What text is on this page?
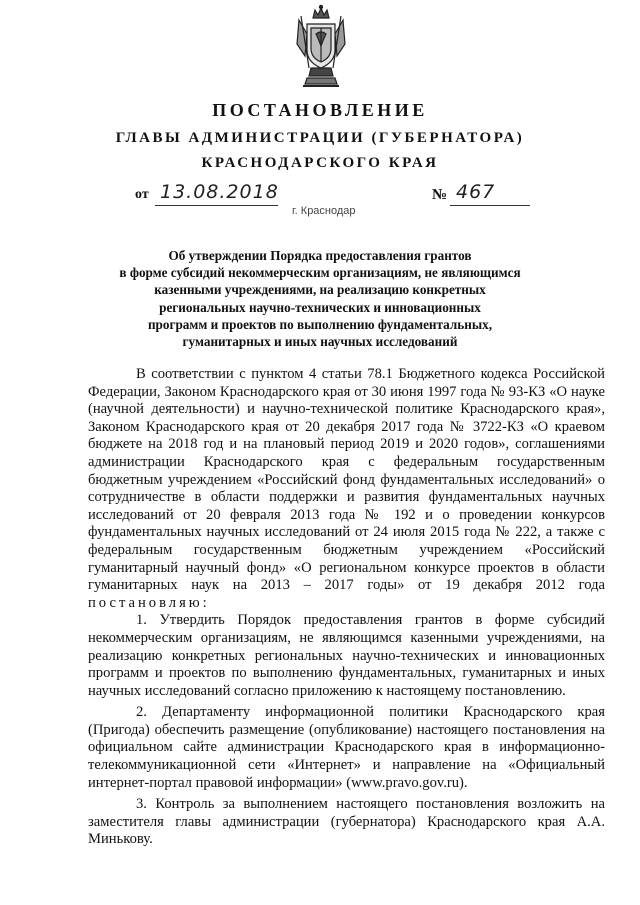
ПОСТАНОВЛЕНИЕ
ГЛАВЫ АДМИНИСТРАЦИИ (ГУБЕРНАТОРА)
КРАСНОДАРСКОГО КРАЯ
от 13.08.2018	№ 467
г. Краснодар
Об утверждении Порядка предоставления грантов
в форме субсидий некоммерческим организациям, не являющимся
казенными учреждениями, на реализацию конкретных
региональных научно-технических и инновационных
программ и проектов по выполнению фундаментальных,
гуманитарных и иных научных исследований

В соответствии с пунктом 4 статьи 78.1 Бюджетного кодекса Российской Федерации, Законом Краснодарского края от 30 июня 1997 года № 93-КЗ «О науке (научной деятельности) и научно-технической политике Краснодарского края», Законом Краснодарского края от 20 декабря 2017 года № 3722-КЗ «О краевом бюджете на 2018 год и на плановый период 2019 и 2020 годов», соглашениями администрации Краснодарского края с федеральным государственным бюджетным учреждением «Российский фонд фундаментальных исследований» о сотрудничестве в области поддержки и развития фундаментальных научных исследований от 20 февраля 2013 года № 192 и о проведении конкурсов фундаментальных научных исследований от 24 июля 2015 года № 222, а также с федеральным государственным бюджетным учреждением «Российский гуманитарный научный фонд» «О региональном конкурсе проектов в области гуманитарных наук на 2013 – 2017 годы» от 19 декабря 2012 года постановляю:

1. Утвердить Порядок предоставления грантов в форме субсидий некоммерческим организациям, не являющимся казенными учреждениями, на реализацию конкретных региональных научно-технических и инновационных программ и проектов по выполнению фундаментальных, гуманитарных и иных научных исследований согласно приложению к настоящему постановлению.

2. Департаменту информационной политики Краснодарского края (Пригода) обеспечить размещение (опубликование) настоящего постановления на официальном сайте администрации Краснодарского края в информационно-телекоммуникационной сети «Интернет» и направление на «Официальный интернет-портал правовой информации» (www.pravo.gov.ru).

3. Контроль за выполнением настоящего постановления возложить на заместителя главы администрации (губернатора) Краснодарского края А.А. Минькову.
